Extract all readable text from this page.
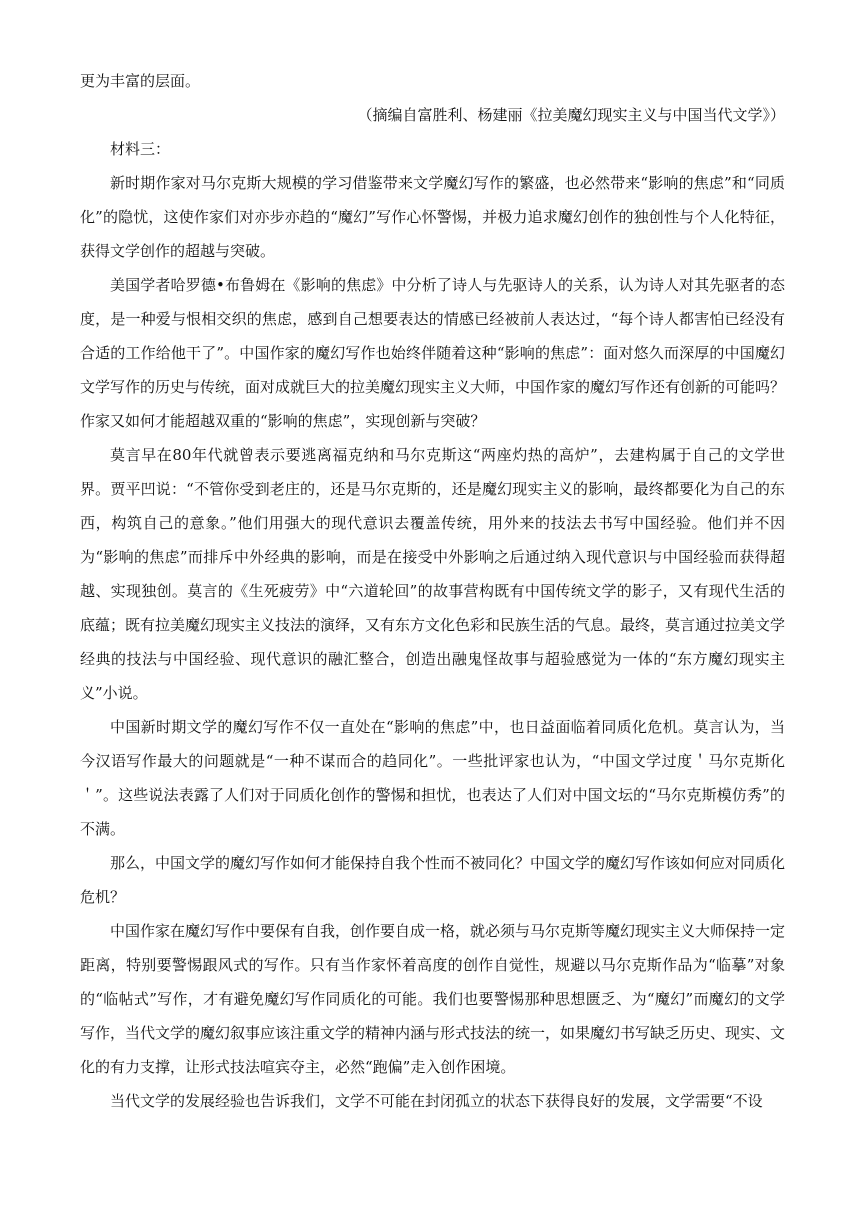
更为丰富的层面。

（摘编自富胜利、杨建丽《拉美魔幻现实主义与中国当代文学》）

材料三：

新时期作家对马尔克斯大规模的学习借鉴带来文学魔幻写作的繁盛，也必然带来“影响的焦虑”和“同质化”的隐忧，这使作家们对亦步亦趋的“魔幻”写作心怀警惕，并极力追求魔幻创作的独创性与个人化特征，获得文学创作的超越与突破。

美国学者哈罗德•布鲁姆在《影响的焦虑》中分析了诗人与先驱诗人的关系，认为诗人对其先驱者的态度，是一种爱与恨相交织的焦虑，感到自己想要表达的情感已经被前人表达过，“每个诗人都害怕已经没有合适的工作给他干了”。中国作家的魔幻写作也始终伴随着这种“影响的焦虑”：面对悠久而深厚的中国魔幻文学写作的历史与传统，面对成就巨大的拉美魔幻现实主义大师，中国作家的魔幻写作还有创新的可能吗？作家又如何才能超越双重的“影响的焦虑”，实现创新与突破？

莫言早在80年代就曾表示要逃离福克纳和马尔克斯这“两座灼热的高炉”，去建构属于自己的文学世界。贾平凹说：“不管你受到老庄的，还是马尔克斯的，还是魔幻现实主义的影响，最终都要化为自己的东西，构筑自己的意象。”他们用强大的现代意识去覆盖传统，用外来的技法去书写中国经验。他们并不因为“影响的焦虑”而排斥中外经典的影响，而是在接受中外影响之后通过纳入现代意识与中国经验而获得超越、实现独创。莫言的《生死疲劳》中“六道轮回”的故事营构既有中国传统文学的影子，又有现代生活的底蕴；既有拉美魔幻现实主义技法的演绎，又有东方文化色彩和民族生活的气息。最终，莫言通过拉美文学经典的技法与中国经验、现代意识的融汇整合，创造出融鬼怪故事与超验感觉为一体的“东方魔幻现实主义”小说。

中国新时期文学的魔幻写作不仅一直处在“影响的焦虑”中，也日益面临着同质化危机。莫言认为，当今汉语写作最大的问题就是“一种不谋而合的趋同化”。一些批评家也认为，“中国文学过度＇马尔克斯化＇”。这些说法表露了人们对于同质化创作的警惕和担忧，也表达了人们对中国文坛的“马尔克斯模仿秀”的不满。

那么，中国文学的魔幻写作如何才能保持自我个性而不被同化？中国文学的魔幻写作该如何应对同质化危机？

中国作家在魔幻写作中要保有自我，创作要自成一格，就必须与马尔克斯等魔幻现实主义大师保持一定距离，特别要警惕跟风式的写作。只有当作家怀着高度的创作自觉性，规避以马尔克斯作品为“临摹”对象的“临帖式”写作，才有避免魔幻写作同质化的可能。我们也要警惕那种思想匮乏、为“魔幻”而魔幻的文学写作，当代文学的魔幻叙事应该注重文学的精神内涵与形式技法的统一，如果魔幻书写缺乏历史、现实、文化的有力支撑，让形式技法喧宾夺主，必然“跑偏”走入创作困境。

当代文学的发展经验也告诉我们，文学不可能在封闭孤立的状态下获得良好的发展，文学需要“不设
